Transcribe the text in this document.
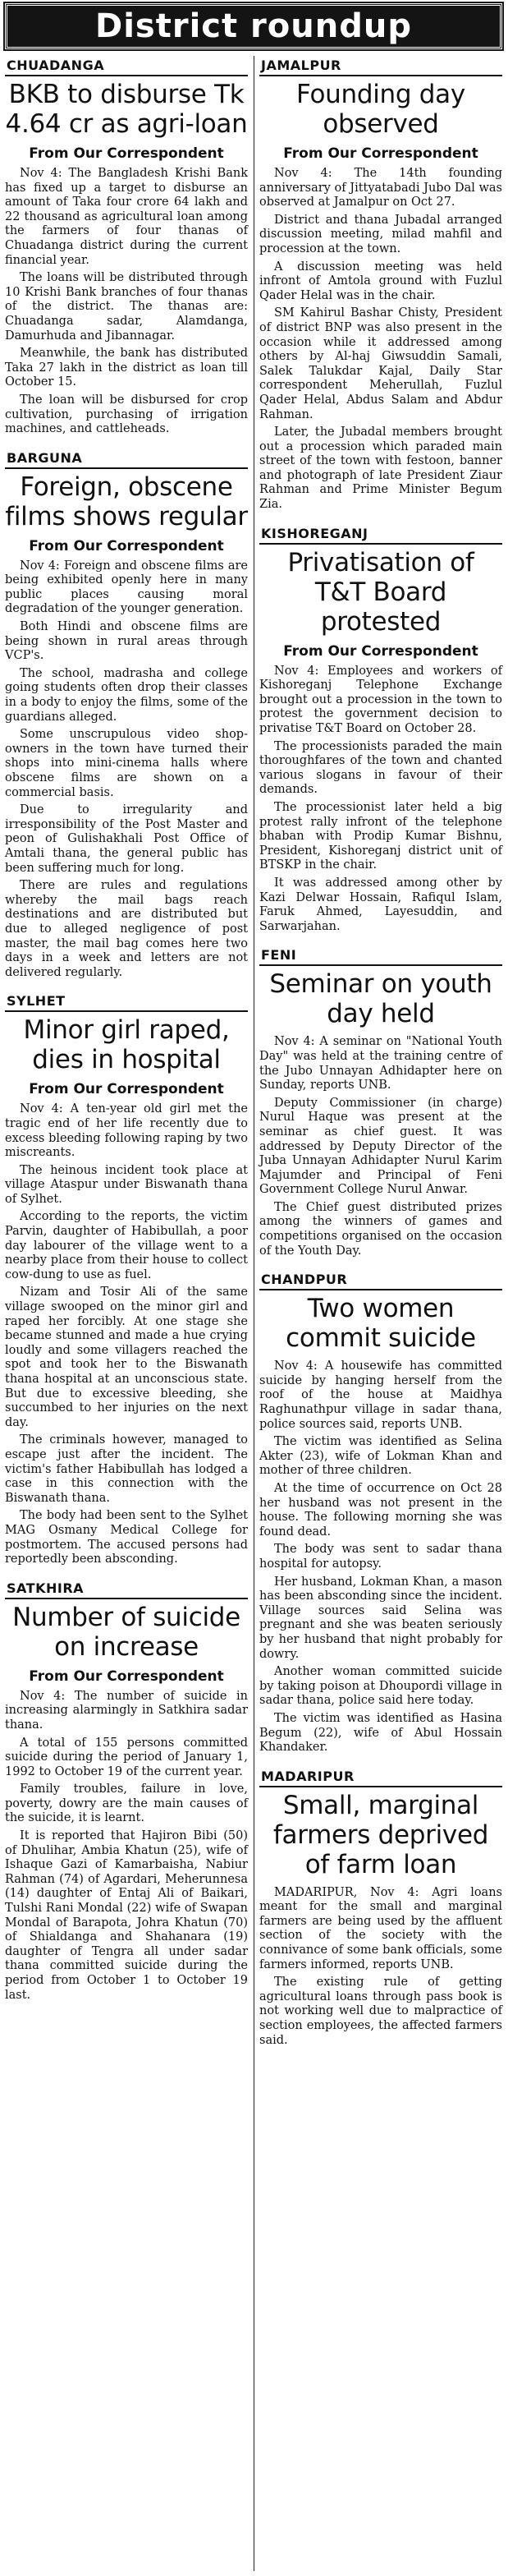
District roundup
CHUADANGA
BKB to disburse Tk 4.64 cr as agri-loan
From Our Correspondent

Nov 4: The Bangladesh Krishi Bank has fixed up a target to disburse an amount of Taka four crore 64 lakh and 22 thousand as agricultural loan among the farmers of four thanas of Chuadanga district during the current financial year.

The loans will be distributed through 10 Krishi Bank branches of four thanas of the district. The thanas are: Chuadanga sadar, Alamdanga, Damurhuda and Jibannagar.

Meanwhile, the bank has distributed Taka 27 lakh in the district as loan till October 15.

The loan will be disbursed for crop cultivation, purchasing of irrigation machines, and cattleheads.

BARGUNA
Foreign, obscene films shows regular
From Our Correspondent

Nov 4: Foreign and obscene films are being exhibited openly here in many public places causing moral degradation of the younger generation.

Both Hindi and obscene films are being shown in rural areas through VCP's.

The school, madrasha and college going students often drop their classes in a body to enjoy the films, some of the guardians alleged.

Some unscrupulous video shop-owners in the town have turned their shops into mini-cinema halls where obscene films are shown on a commercial basis.

Due to irregularity and irresponsibility of the Post Master and peon of Gulishakhali Post Office of Amtali thana, the general public has been suffering much for long.

There are rules and regulations whereby the mail bags reach destinations and are distributed but due to alleged negligence of post master, the mail bag comes here two days in a week and letters are not delivered regularly.

SYLHET
Minor girl raped, dies in hospital
From Our Correspondent

Nov 4: A ten-year old girl met the tragic end of her life recently due to excess bleeding following raping by two miscreants.

The heinous incident took place at village Ataspur under Biswanath thana of Sylhet.

According to the reports, the victim Parvin, daughter of Habibullah, a poor day labourer of the village went to a nearby place from their house to collect cow-dung to use as fuel.

Nizam and Tosir Ali of the same village swooped on the minor girl and raped her forcibly. At one stage she became stunned and made a hue crying loudly and some villagers reached the spot and took her to the Biswanath thana hospital at an unconscious state. But due to excessive bleeding, she succumbed to her injuries on the next day.

The criminals however, managed to escape just after the incident. The victim's father Habibullah has lodged a case in this connection with the Biswanath thana.

The body had been sent to the Sylhet MAG Osmany Medical College for postmortem. The accused persons had reportedly been absconding.

SATKHIRA
Number of suicide on increase
From Our Correspondent

Nov 4: The number of suicide in increasing alarmingly in Satkhira sadar thana.

A total of 155 persons committed suicide during the period of January 1, 1992 to October 19 of the current year.

Family troubles, failure in love, poverty, dowry are the main causes of the suicide, it is learnt.

It is reported that Hajiron Bibi (50) of Dhulihar, Ambia Khatun (25), wife of Ishaque Gazi of Kamarbaisha, Nabiur Rahman (74) of Agardari, Meherunnesa (14) daughter of Entaj Ali of Baikari, Tulshi Rani Mondal (22) wife of Swapan Mondal of Barapota, Johra Khatun (70) of Shialdanga and Shahanara (19) daughter of Tengra all under sadar thana committed suicide during the period from October 1 to October 19 last.

JAMALPUR
Founding day observed
From Our Correspondent

Nov 4: The 14th founding anniversary of Jittyatabadi Jubo Dal was observed at Jamalpur on Oct 27.

District and thana Jubadal arranged discussion meeting, milad mahfil and procession at the town.

A discussion meeting was held infront of Amtola ground with Fuzlul Qader Helal was in the chair.

SM Kahirul Bashar Chisty, President of district BNP was also present in the occasion while it addressed among others by Al-haj Giwsuddin Samali, Salek Talukdar Kajal, Daily Star correspondent Meherullah, Fuzlul Qader Helal, Abdus Salam and Abdur Rahman.

Later, the Jubadal members brought out a procession which paraded main street of the town with festoon, banner and photograph of late President Ziaur Rahman and Prime Minister Begum Zia.

KISHOREGANJ
Privatisation of T&T Board protested
From Our Correspondent

Nov 4: Employees and workers of Kishoreganj Telephone Exchange brought out a procession in the town to protest the government decision to privatise T&T Board on October 28.

The processionists paraded the main thoroughfares of the town and chanted various slogans in favour of their demands.

The processionist later held a big protest rally infront of the telephone bhaban with Prodip Kumar Bishnu, President, Kishoreganj district unit of BTSKP in the chair.

It was addressed among other by Kazi Delwar Hossain, Rafiqul Islam, Faruk Ahmed, Layesuddin, and Sarwarjahan.

FENI
Seminar on youth day held

Nov 4: A seminar on "National Youth Day" was held at the training centre of the Jubo Unnayan Adhidapter here on Sunday, reports UNB.

Deputy Commissioner (in charge) Nurul Haque was present at the seminar as chief guest. It was addressed by Deputy Director of the Juba Unnayan Adhidapter Nurul Karim Majumder and Principal of Feni Government College Nurul Anwar.

The Chief guest distributed prizes among the winners of games and competitions organised on the occasion of the Youth Day.

CHANDPUR
Two women commit suicide

Nov 4: A housewife has committed suicide by hanging herself from the roof of the house at Maidhya Raghunathpur village in sadar thana, police sources said, reports UNB.

The victim was identified as Selina Akter (23), wife of Lokman Khan and mother of three children.

At the time of occurrence on Oct 28 her husband was not present in the house. The following morning she was found dead.

The body was sent to sadar thana hospital for autopsy.

Her husband, Lokman Khan, a mason has been absconding since the incident. Village sources said Selina was pregnant and she was beaten seriously by her husband that night probably for dowry.

Another woman committed suicide by taking poison at Dhoupordi village in sadar thana, police said here today.

The victim was identified as Hasina Begum (22), wife of Abul Hossain Khandaker.

MADARIPUR
Small, marginal farmers deprived of farm loan

MADARIPUR, Nov 4: Agri loans meant for the small and marginal farmers are being used by the affluent section of the society with the connivance of some bank officials, some farmers informed, reports UNB.

The existing rule of getting agricultural loans through pass book is not working well due to malpractice of section employees, the affected farmers said.
